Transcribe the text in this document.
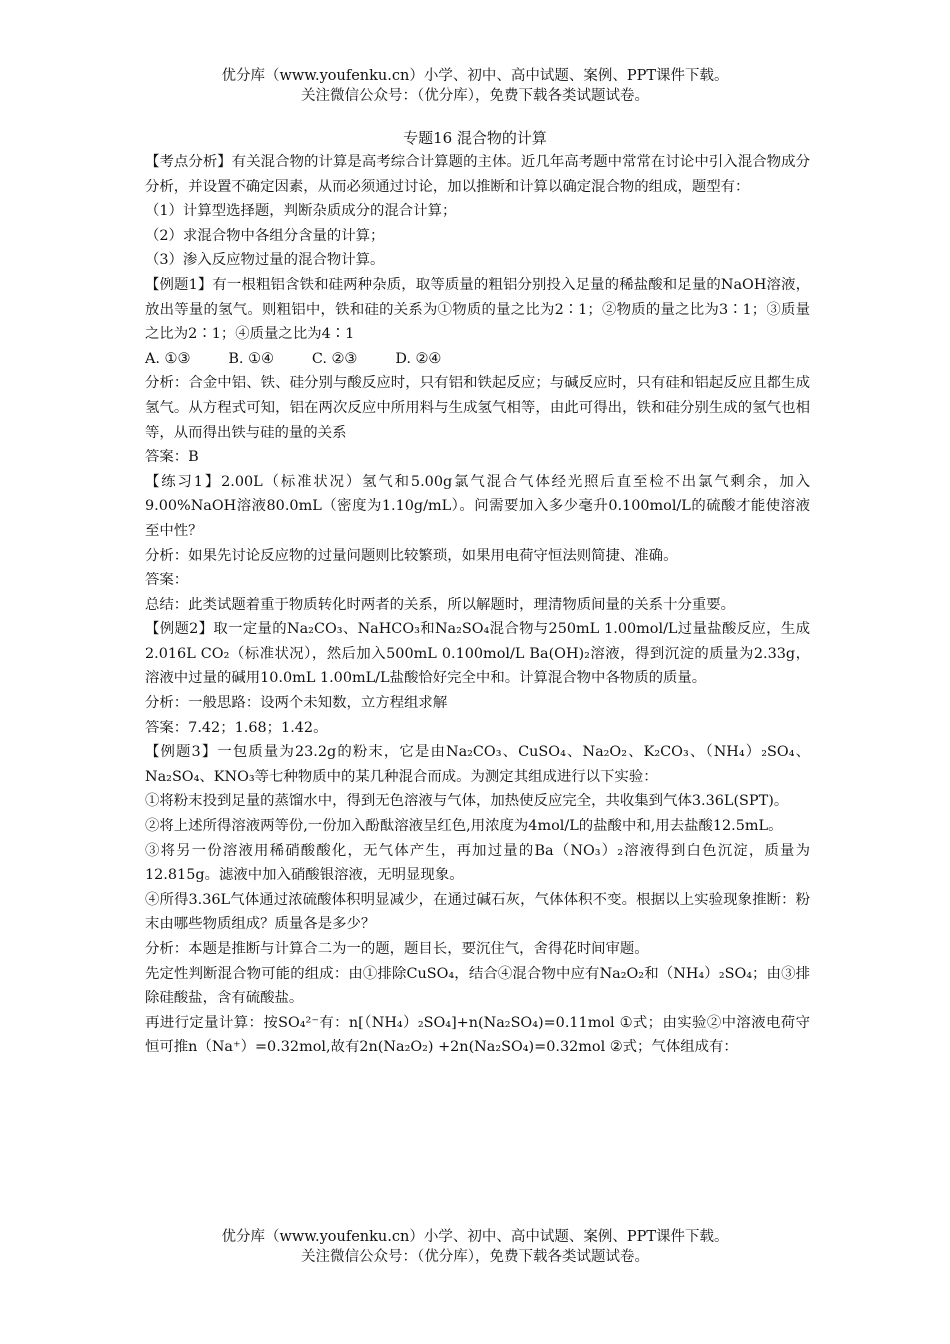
优分库（www.youfenku.cn）小学、初中、高中试题、案例、PPT课件下载。
关注微信公众号：（优分库），免费下载各类试题试卷。
专题16 混合物的计算

【考点分析】有关混合物的计算是高考综合计算题的主体。近几年高考题中常常在讨论中引入混合物成分分析，并设置不确定因素，从而必须通过讨论，加以推断和计算以确定混合物的组成，题型有：

（1）计算型选择题，判断杂质成分的混合计算；

（2）求混合物中各组分含量的计算；

（3）渗入反应物过量的混合物计算。

【例题1】有一根粗铝含铁和硅两种杂质，取等质量的粗铝分别投入足量的稀盐酸和足量的NaOH溶液，放出等量的氢气。则粗铝中，铁和硅的关系为①物质的量之比为2∶1；②物质的量之比为3∶1；③质量之比为2∶1；④质量之比为4∶1

A. ①③	B. ①④	C. ②③	D. ②④

分析：合金中铝、铁、硅分别与酸反应时，只有铝和铁起反应；与碱反应时，只有硅和铝起反应且都生成氢气。从方程式可知，铝在两次反应中所用料与生成氢气相等，由此可得出，铁和硅分别生成的氢气也相等，从而得出铁与硅的量的关系

答案：B

【练习1】2.00L（标准状况）氢气和5.00g氯气混合气体经光照后直至检不出氯气剩余，加入9.00%NaOH溶液80.0mL（密度为1.10g/mL）。问需要加入多少毫升0.100mol/L的硫酸才能使溶液至中性？

分析：如果先讨论反应物的过量问题则比较繁琐，如果用电荷守恒法则简捷、准确。

答案：

总结：此类试题着重于物质转化时两者的关系，所以解题时，理清物质间量的关系十分重要。

【例题2】取一定量的Na₂CO₃、NaHCO₃和Na₂SO₄混合物与250mL 1.00mol/L过量盐酸反应，生成2.016L CO₂（标准状况），然后加入500mL 0.100mol/L Ba(OH)₂溶液，得到沉淀的质量为2.33g，溶液中过量的碱用10.0mL 1.00mL/L盐酸恰好完全中和。计算混合物中各物质的质量。

分析：一般思路：设两个未知数，立方程组求解

答案：7.42；1.68；1.42。

【例题3】一包质量为23.2g的粉末，它是由Na₂CO₃、CuSO₄、Na₂O₂、K₂CO₃、（NH₄）₂SO₄、Na₂SO₄、KNO₃等七种物质中的某几种混合而成。为测定其组成进行以下实验：

①将粉末投到足量的蒸馏水中，得到无色溶液与气体，加热使反应完全，共收集到气体3.36L(SPT)。

②将上述所得溶液两等份,一份加入酚酞溶液呈红色,用浓度为4mol/L的盐酸中和,用去盐酸12.5mL。

③将另一份溶液用稀硝酸酸化，无气体产生，再加过量的Ba（NO₃）₂溶液得到白色沉淀，质量为12.815g。滤液中加入硝酸银溶液，无明显现象。

④所得3.36L气体通过浓硫酸体积明显减少，在通过碱石灰，气体体积不变。根据以上实验现象推断：粉末由哪些物质组成？质量各是多少？

分析：本题是推断与计算合二为一的题，题目长，要沉住气，舍得花时间审题。

先定性判断混合物可能的组成：由①排除CuSO₄，结合④混合物中应有Na₂O₂和（NH₄）₂SO₄；由③排除硅酸盐，含有硫酸盐。

再进行定量计算：按SO₄²⁻有：n[（NH₄）₂SO₄]+n(Na₂SO₄)=0.11mol ①式；由实验②中溶液电荷守恒可推n（Na⁺）=0.32mol,故有2n(Na₂O₂) +2n(Na₂SO₄)=0.32mol ②式；气体组成有：

优分库（www.youfenku.cn）小学、初中、高中试题、案例、PPT课件下载。
关注微信公众号：（优分库），免费下载各类试题试卷。
